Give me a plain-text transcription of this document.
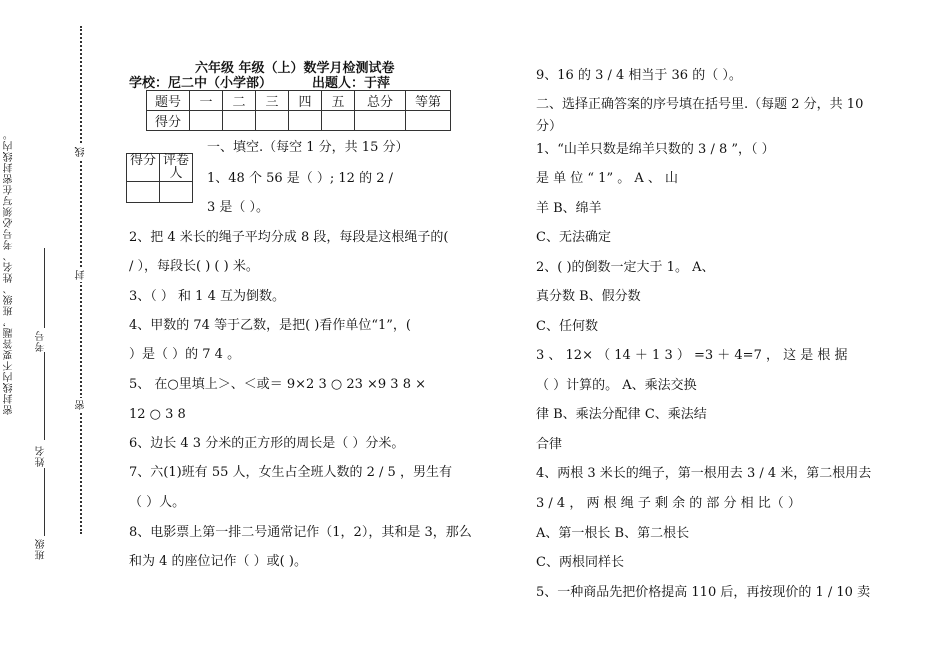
密封线内不要答题，班级、姓名、考号必须写在密封线内。
班级
姓名
考号
线
封
密
六年级 年级（上）数学月检测试卷
学校：尼二中（小学部）	出题人：于萍
题号	一	二	三	四	五	总分	等第
得分							
得分	评卷人

一、填空.（每空 1 分，共 15 分）
1、48 个 56 是（ ）; 12 的 2 /
3 是（ ）。
2、把 4 米长的绳子平均分成 8 段，每段是这根绳子的(
/ ），每段长( ) ( ) 米。
3、（ ） 和 1 4 互为倒数。
4、甲数的 74 等于乙数，是把( )看作单位“1”，(
）是（ ）的 7 4 。
5、 在○里填上＞、＜或＝ 9×2 3 ○ 23 ×9 3 8 ×
12 ○ 3 8
6、边长 4 3 分米的正方形的周长是（ ）分米。
7、六(1)班有 55 人，女生占全班人数的 2 / 5 ，男生有
（ ）人。
8、电影票上第一排二号通常记作（1，2），其和是 3，那么
和为 4 的座位记作（ ）或( )。
9、16 的 3 / 4 相当于 36 的（ ）。
二、选择正确答案的序号填在括号里.（每题 2 分，共 10
分）
1、“山羊只数是绵羊只数的 3 / 8 ”，（ ）
是 单 位 “ 1” 。 A 、 山
羊 B、绵羊
C、无法确定
2、( )的倒数一定大于 1。 A、
真分数 B、假分数
C、任何数
3 、 12× （ 14 ＋ 1 3 ） =3 ＋ 4=7 ， 这 是 根 据
（ ）计算的。 A、乘法交换
律 B、乘法分配律 C、乘法结
合律
4、两根 3 米长的绳子，第一根用去 3 / 4 米，第二根用去
3 / 4 ， 两 根 绳 子 剩 余 的 部 分 相 比（ ）
A、第一根长 B、第二根长
C、两根同样长
5、一种商品先把价格提高 110 后，再按现价的 1 / 10 卖
